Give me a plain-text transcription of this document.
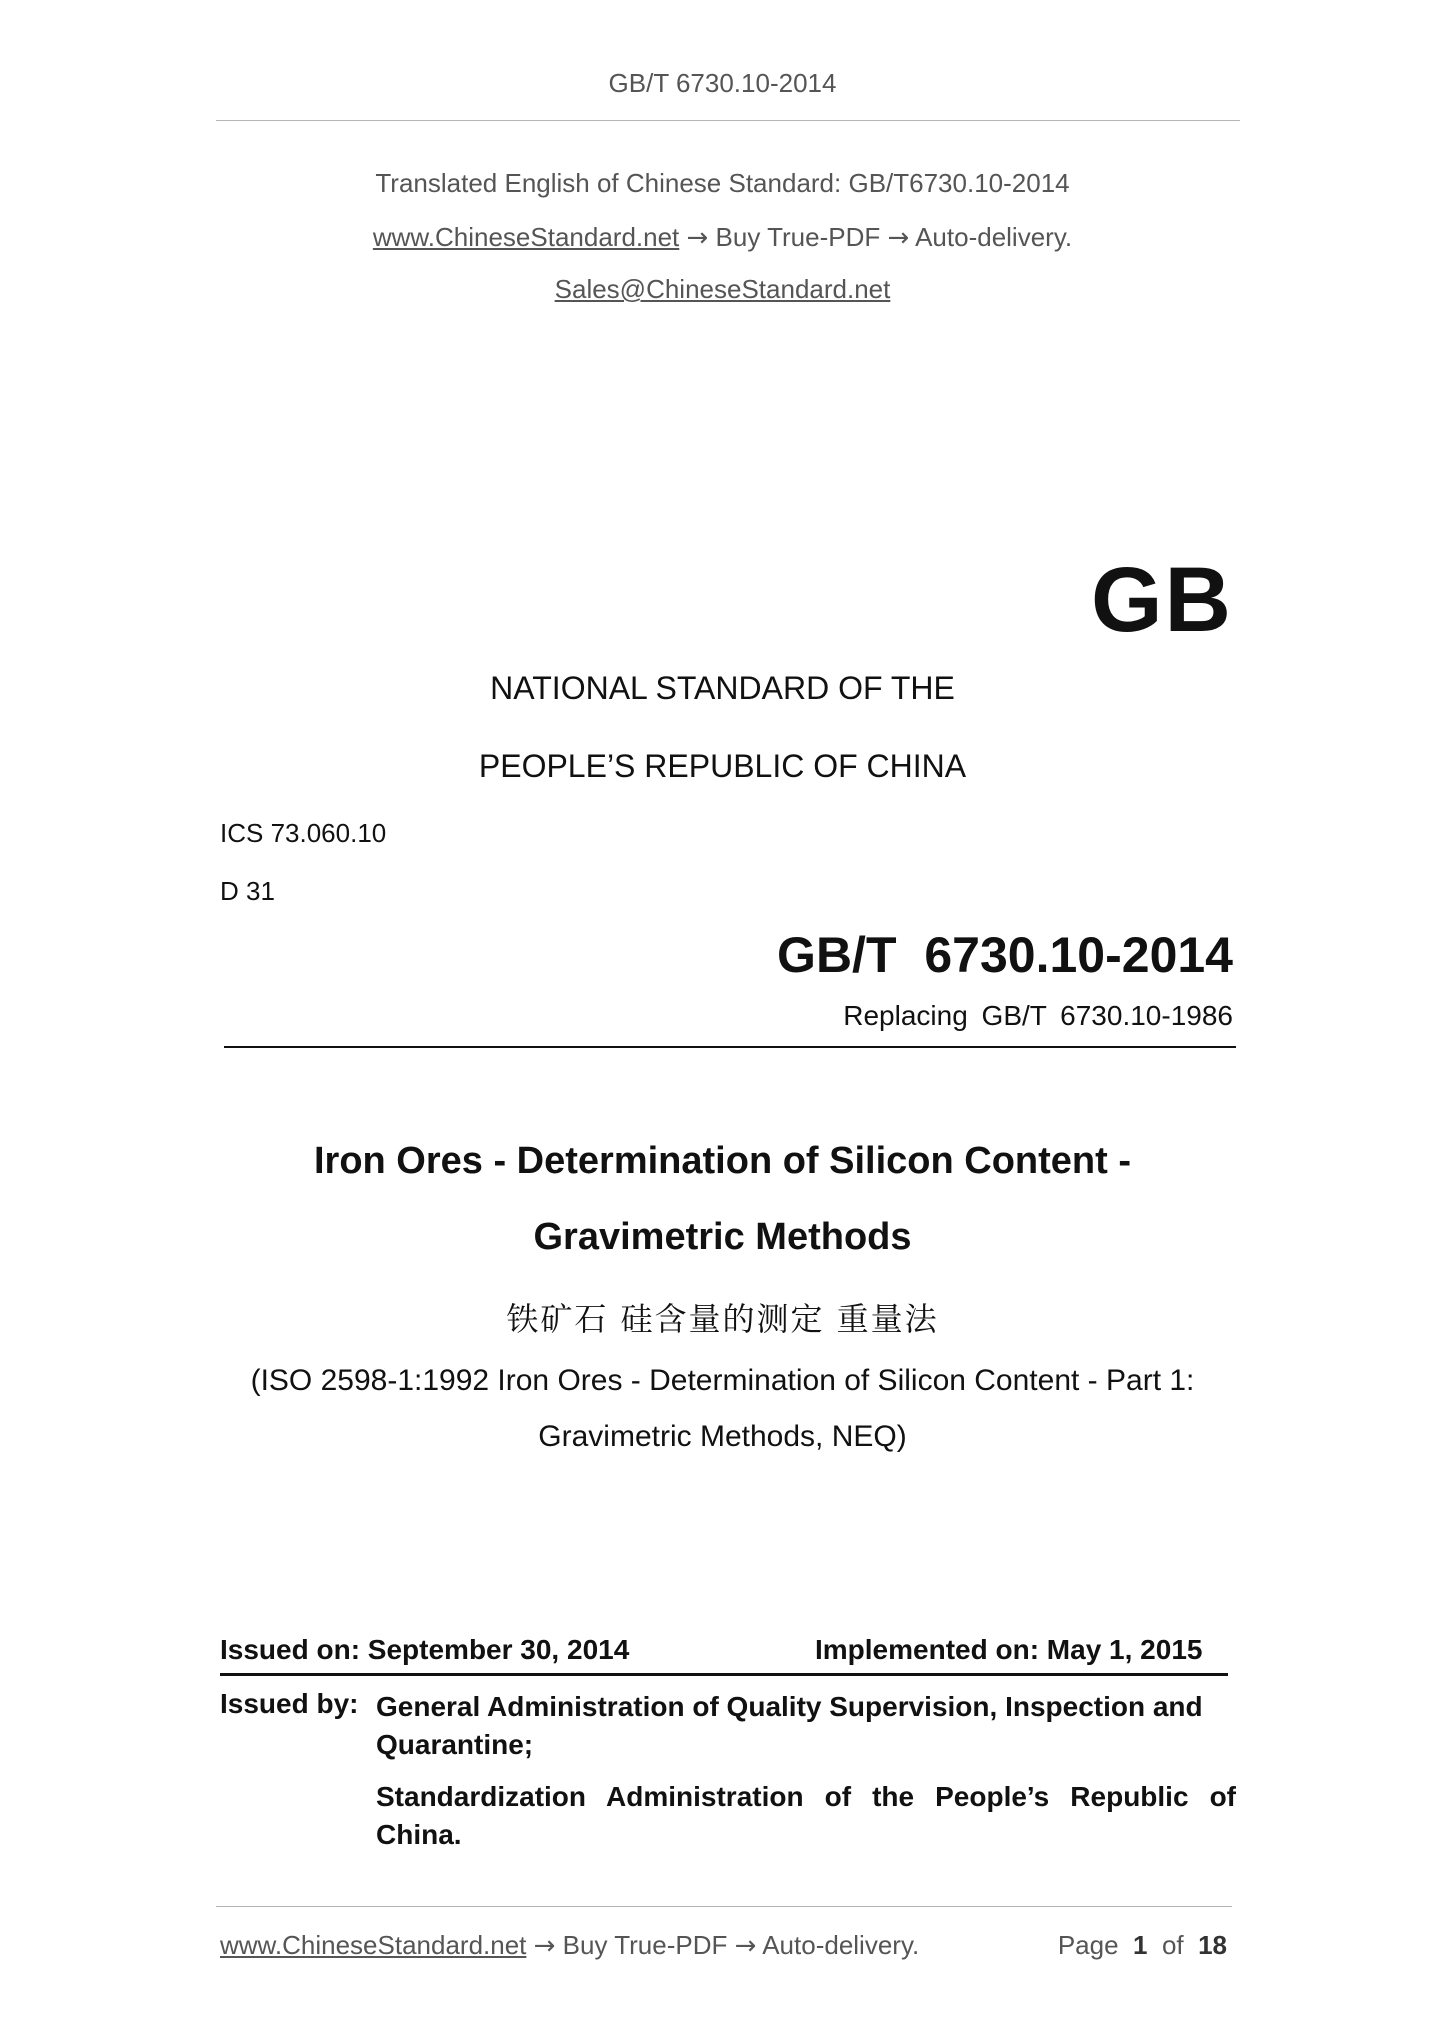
GB/T 6730.10-2014
Translated English of Chinese Standard: GB/T6730.10-2014
www.ChineseStandard.net → Buy True-PDF → Auto-delivery.
Sales@ChineseStandard.net
GB
NATIONAL STANDARD OF THE
PEOPLE’S REPUBLIC OF CHINA
ICS 73.060.10
D 31
GB/T 6730.10-2014
Replacing GB/T 6730.10-1986
Iron Ores - Determination of Silicon Content -
Gravimetric Methods
铁矿石 硅含量的测定 重量法
(ISO 2598-1:1992 Iron Ores - Determination of Silicon Content - Part 1:
Gravimetric Methods, NEQ)
Issued on: September 30, 2014	Implemented on: May 1, 2015
Issued by: General Administration of Quality Supervision, Inspection and Quarantine;
Standardization Administration of the People’s Republic of China.
www.ChineseStandard.net → Buy True-PDF → Auto-delivery.	Page 1 of 18
